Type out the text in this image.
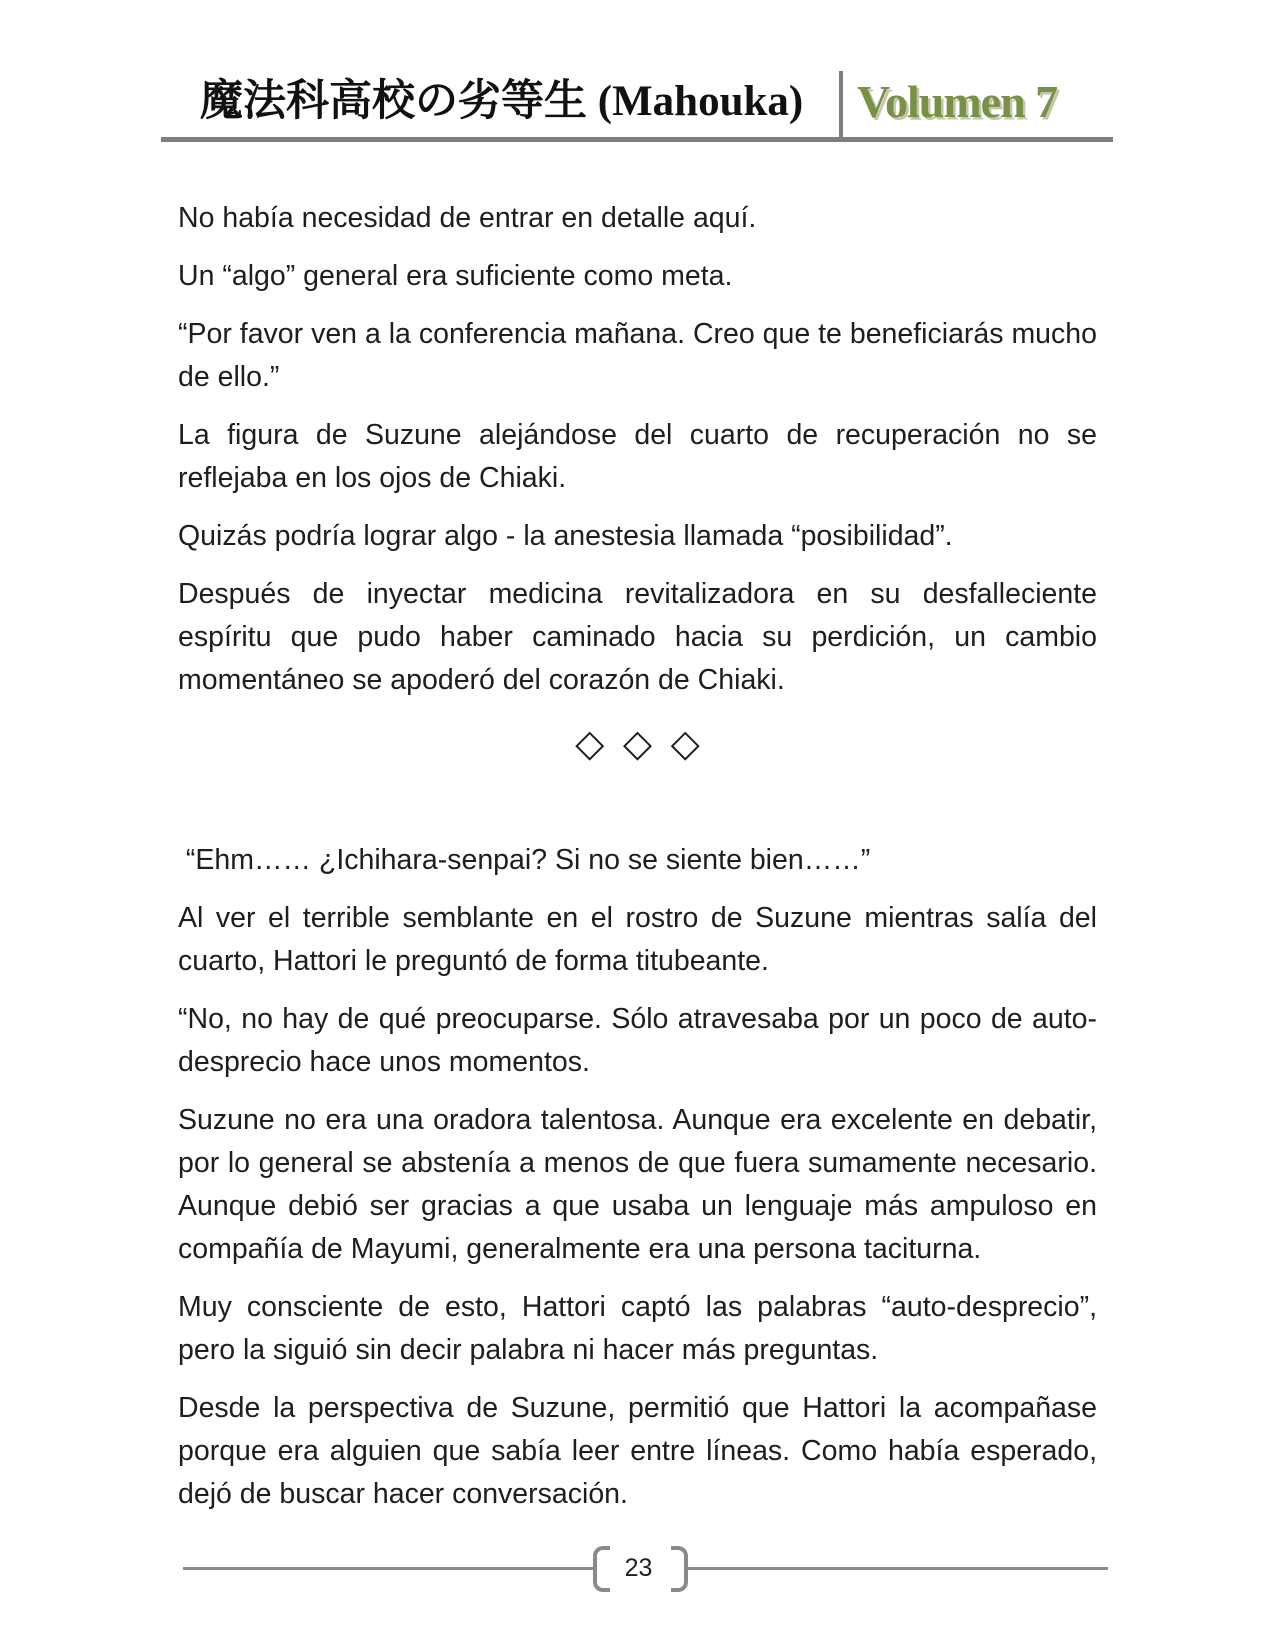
魔法科高校の劣等生 (Mahouka) Volumen 7

No había necesidad de entrar en detalle aquí.

Un “algo” general era suficiente como meta.

“Por favor ven a la conferencia mañana. Creo que te beneficiarás mucho de ello.”

La figura de Suzune alejándose del cuarto de recuperación no se reflejaba en los ojos de Chiaki.

Quizás podría lograr algo - la anestesia llamada “posibilidad”.

Después de inyectar medicina revitalizadora en su desfalleciente espíritu que pudo haber caminado hacia su perdición, un cambio momentáneo se apoderó del corazón de Chiaki.

◇ ◇ ◇

“Ehm…… ¿Ichihara-senpai? Si no se siente bien……”

Al ver el terrible semblante en el rostro de Suzune mientras salía del cuarto, Hattori le preguntó de forma titubeante.

“No, no hay de qué preocuparse. Sólo atravesaba por un poco de auto-desprecio hace unos momentos.

Suzune no era una oradora talentosa. Aunque era excelente en debatir, por lo general se abstenía a menos de que fuera sumamente necesario. Aunque debió ser gracias a que usaba un lenguaje más ampuloso en compañía de Mayumi, generalmente era una persona taciturna.

Muy consciente de esto, Hattori captó las palabras “auto-desprecio”, pero la siguió sin decir palabra ni hacer más preguntas.

Desde la perspectiva de Suzune, permitió que Hattori la acompañase porque era alguien que sabía leer entre líneas. Como había esperado, dejó de buscar hacer conversación.

23
